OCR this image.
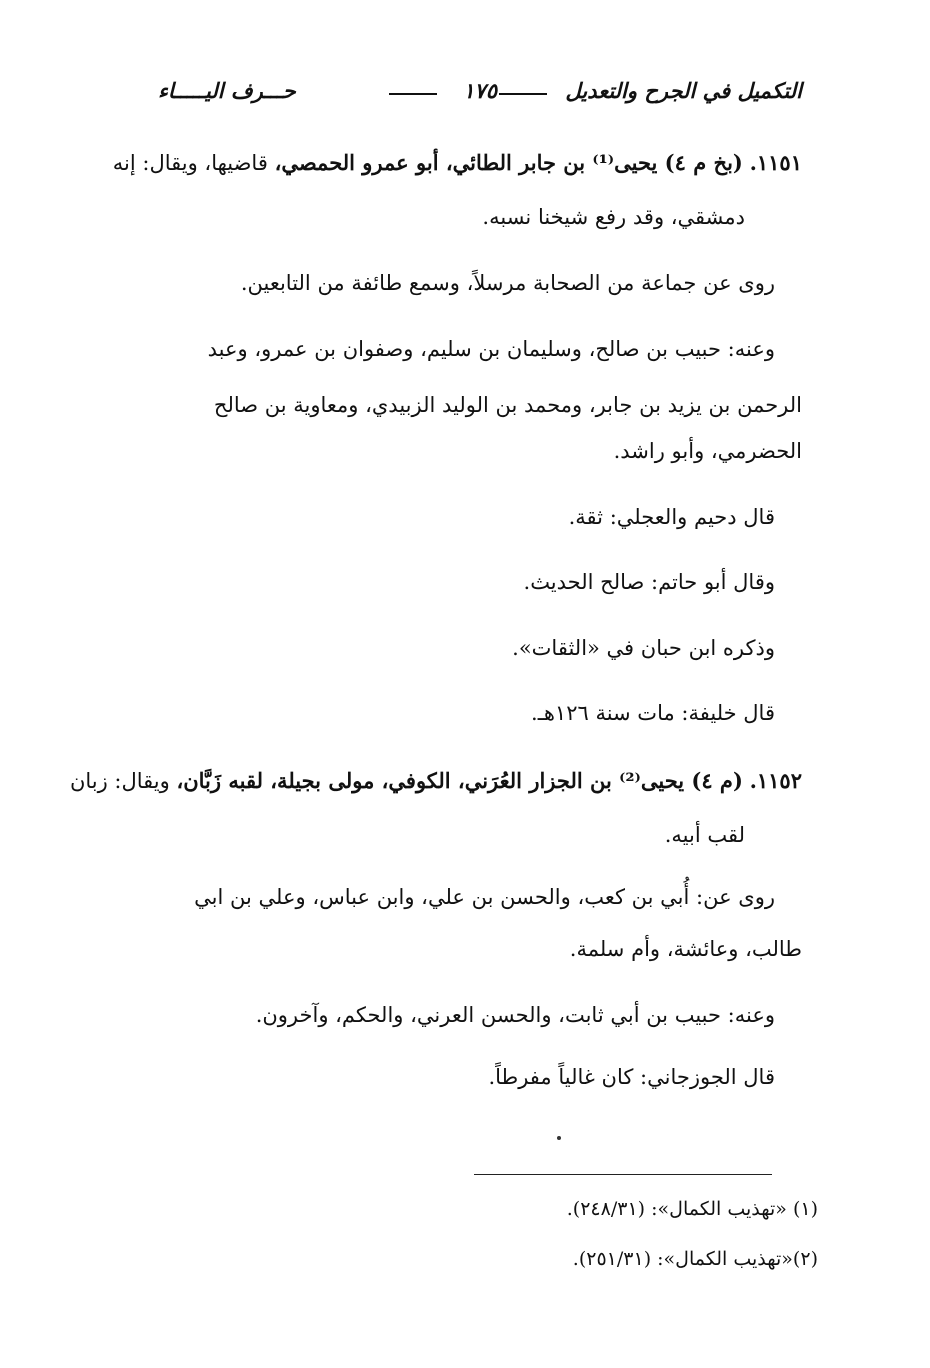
التكميل في الجرح والتعديل
١٧٥
حـــرف اليـــــاء
١١٥١. (بخ م ٤) يحيى⁽¹⁾ بن جابر الطائي، أبو عمرو الحمصي، قاضيها، ويقال: إنه
دمشقي، وقد رفع شيخنا نسبه.
روى عن جماعة من الصحابة مرسلاً، وسمع طائفة من التابعين.
وعنه: حبيب بن صالح، وسليمان بن سليم، وصفوان بن عمرو، وعبد
الرحمن بن يزيد بن جابر، ومحمد بن الوليد الزبيدي، ومعاوية بن صالح
الحضرمي، وأبو راشد.
قال دحيم والعجلي: ثقة.
وقال أبو حاتم: صالح الحديث.
وذكره ابن حبان في «الثقات».
قال خليفة: مات سنة ١٢٦هـ.
١١٥٢. (م ٤) يحيى⁽²⁾ بن الجزار العُرَني، الكوفي، مولى بجيلة، لقبه زَبَّان، ويقال: زبان
لقب أبيه.
روى عن: أُبي بن كعب، والحسن بن علي، وابن عباس، وعلي بن ابي
طالب، وعائشة، وأم سلمة.
وعنه: حبيب بن أبي ثابت، والحسن العرني، والحكم، وآخرون.
قال الجوزجاني: كان غالياً مفرطاً.
(١) «تهذيب الكمال»: (٢٤٨/٣١).
(٢)«تهذيب الكمال»: (٢٥١/٣١).
